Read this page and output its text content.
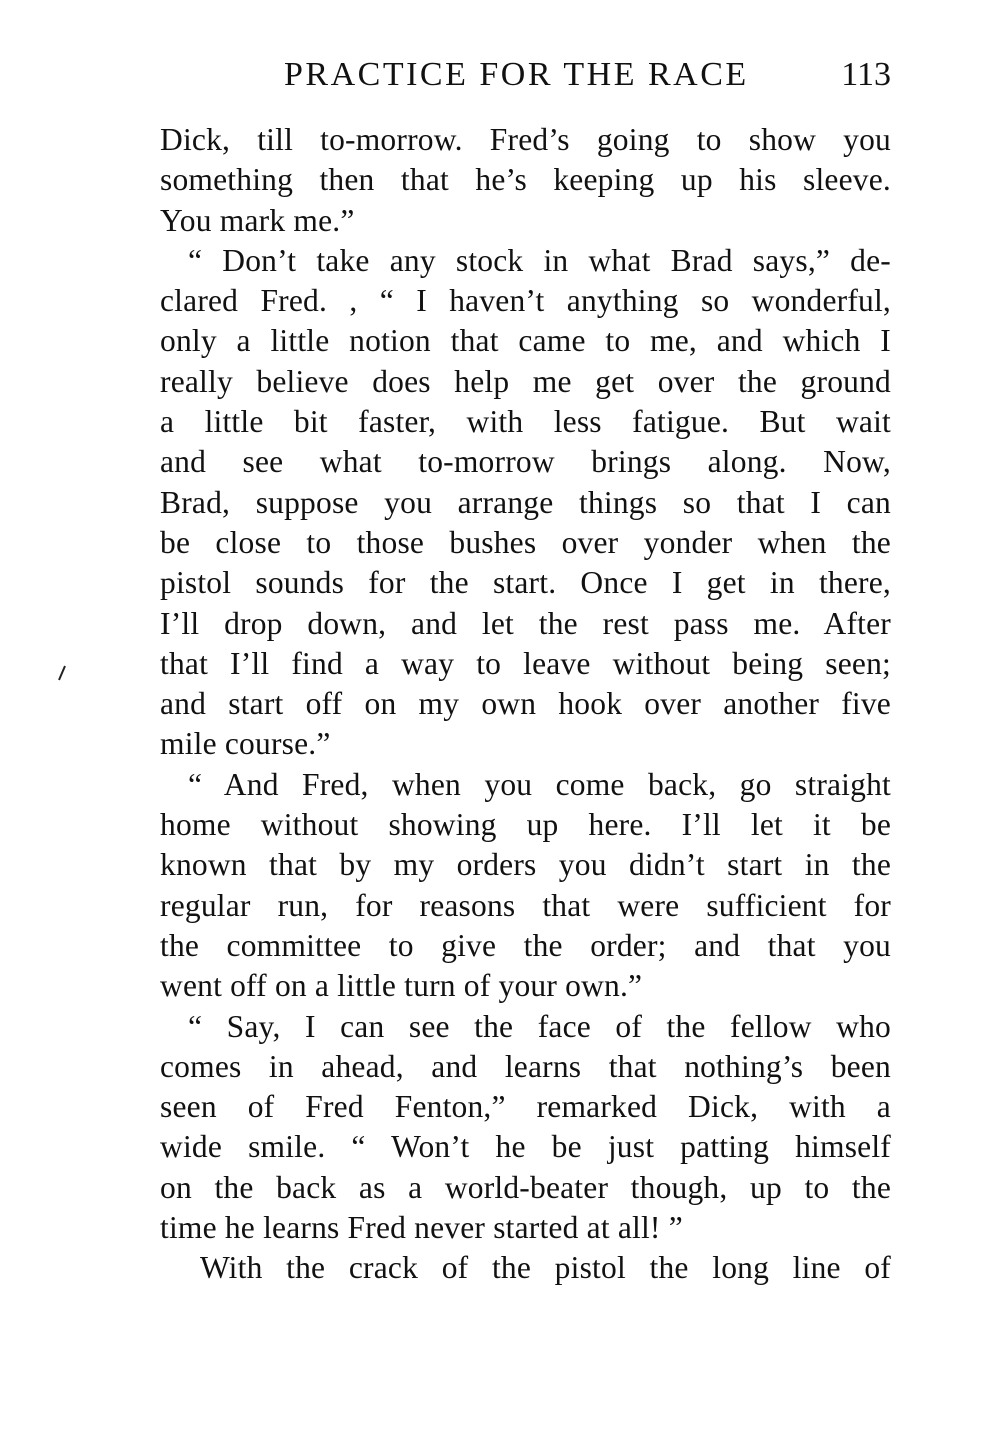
PRACTICE FOR THE RACE	113
Dick, till to-morrow. Fred’s going to show you
something then that he’s keeping up his sleeve.
You mark me.”
“ Don’t take any stock in what Brad says,” de-
clared Fred. , “ I haven’t anything so wonderful,
only a little notion that came to me, and which I
really believe does help me get over the ground
a little bit faster, with less fatigue. But wait
and see what to-morrow brings along. Now,
Brad, suppose you arrange things so that I can
be close to those bushes over yonder when the
pistol sounds for the start. Once I get in there,
I’ll drop down, and let the rest pass me. After
that I’ll find a way to leave without being seen;
and start off on my own hook over another five
mile course.”
“ And Fred, when you come back, go straight
home without showing up here. I’ll let it be
known that by my orders you didn’t start in the
regular run, for reasons that were sufficient for
the committee to give the order; and that you
went off on a little turn of your own.”
“ Say, I can see the face of the fellow who
comes in ahead, and learns that nothing’s been
seen of Fred Fenton,” remarked Dick, with a
wide smile. “ Won’t he be just patting himself
on the back as a world-beater though, up to the
time he learns Fred never started at all! ”
With the crack of the pistol the long line of
